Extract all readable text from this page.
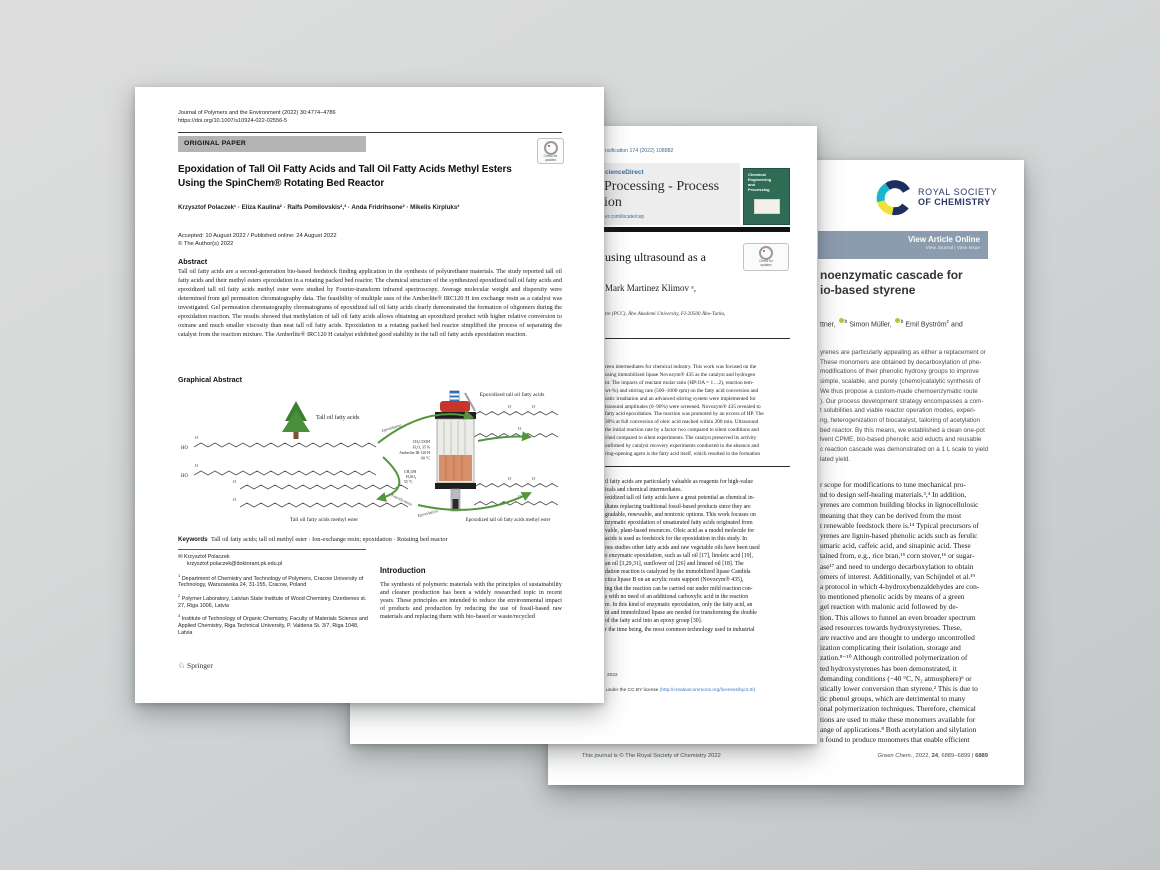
ROYAL SOCIETY
OF CHEMISTRY
View Article Online
View Journal | View Issue
noenzymatic cascade for
io-based styrene
ttner, $^b$ Simon Müller, $^b$ Emil Byström$^c$ and
yrenes are particularly appealing as either a replacement or
These monomers are obtained by decarboxylation of phe-
modifications of their phenolic hydroxy groups to improve
simple, scalable, and purely (chemo)catalytic synthesis of
We thus propose a custom-made chemoenzymatic route
). Our process development strategy encompasses a com-
t solubilities and viable reactor operation modes, experi-
ng, heterogenization of biocatalyst, tailoring of acetylation
bed reactor. By this means, we established a clean one-pot
lvent CPME, bio-based phenolic acid educts and reusable
c reaction cascade was demonstrated on a 1 L scale to yield
lated yield.
r scope for modifications to tune mechanical pro-
nd to design self-healing materials.³,⁴ In addition,
yrenes are common building blocks in lignocellulosic
meaning that they can be derived from the most
t renewable feedstock there is.¹⁴ Typical precursors of
yrenes are lignin-based phenolic acids such as ferulic
umaric acid, caffeic acid, and sinapinic acid. These
tained from, e.g., rice bran,¹⁵ corn stover,¹⁶ or sugar-
ase¹⁷ and need to undergo decarboxylation to obtain
omers of interest. Additionally, van Schijndel et al.¹⁹
a protocol in which 4-hydroxybenzaldehydes are con-
to mentioned phenolic acids by means of a green
gel reaction with malonic acid followed by de-
tion. This allows to funnel an even broader spectrum
ased resources towards hydroxystyrenes. These,
are reactive and are thought to undergo uncontrolled
ization complicating their isolation, storage and
zation.⁸⁻¹⁰ Although controlled polymerization of
ted hydroxystyrenes has been demonstrated, it
demanding conditions (−40 °C, N₂ atmosphere)⁶ or
stically lower conversion than styrene.² This is due to
tic phenol groups, which are detrimental to many
onal polymerization techniques. Therefore, chemical
tions are used to make these monomers available for
ange of applications.⁸ Both acetylation and silylation
n found to produce monomers that enable efficient
This journal is © The Royal Society of Chemistry 2022	Green Chem., 2022, 24, 6889–6899 | 6889
nsification 174 (2022) 108882
cienceDirect
Processing - Process
ion
er.com/locate/cep
Chemical
Engineering
and
Processing
Check for
updates
using ultrasound as a
Mark Martinez Klimov ᵃ,
tre (PCC), Åbo Akademi University, FI-20500 Åbo-Turku,
reen intermediates for chemical industry. This work was focused on the
using immobilized lipase Novozym® 435 as the catalyst and hydrogen
nt. The impacts of reactant molar ratio (HP:OA = 1…2), reaction tem-
wt-%) and stirring rate (500–1000 rpm) on the fatty acid conversion and
ustic irradiation and an advanced stirring system were implemented for
trasound amplitudes (0–90%) were screened. Novozym® 435 revealed to
fatty acid epoxidation. The reaction was promoted by an excess of HP. The
30% at full conversion of oleic acid reached within 200 min. Ultrasound
the initial reaction rate by a factor two compared to silent conditions and
ched compared to silent experiments. The catalyst preserved its activity
onfirmed by catalyst recovery experiments conducted in the absence and
ring-opening agent is the fatty acid itself, which resulted in the formation
il fatty acids are particularly valuable as reagents for high-value
icals and chemical intermediates.
oxidized tall oil fatty acids have a great potential as chemical in-
diates replacing traditional fossil-based products since they are
gradable, renewable, and nontoxic options. This work focuses on
nzymatic epoxidation of unsaturated fatty acids originated from
vable, plant-based resources. Oleic acid as a model molecule for
acids is used as feedstock for the epoxidation in this study. In
ous studies other fatty acids and raw vegetable oils have been used
e enzymatic epoxidation, such as tall oil [17], linoleic acid [19],
an oil [3,29,31], sunflower oil [26] and linseed oil [18]. The
dation reaction is catalyzed by the immobilized lipase Candida
ctica lipase B on an acrylic resin support (Novozym® 435),
ing that the reaction can be carried out under mild reaction con-
s with no need of an additional carboxylic acid in the reaction
re. In this kind of enzymatic epoxidation, only the fatty acid, an
nt and immobilized lipase are needed for transforming the double
of the fatty acid into an epoxy group [30].
r the time being, the most common technology used in industrial
2022
under the CC BY license (http://creativecommons.org/licenses/by/4.0/).
Journal of Polymers and the Environment (2022) 30:4774–4786
https://doi.org/10.1007/s10924-022-02556-5
ORIGINAL PAPER
Check for
updates
Epoxidation of Tall Oil Fatty Acids and Tall Oil Fatty Acids Methyl Esters
Using the SpinChem® Rotating Bed Reactor
Krzysztof Polaczek¹ · Eliza Kaulina² · Ralfs Pomilovskis²,³ · Anda Fridrihsone² · Mikelis Kirpluks²
Accepted: 10 August 2022 / Published online: 24 August 2022
© The Author(s) 2022
Abstract
Tall oil fatty acids are a second-generation bio-based feedstock finding application in the synthesis of polyurethane materials. The study reported tall oil fatty acids and their methyl esters epoxidation in a rotating packed bed reactor. The chemical structure of the synthesized epoxidized tall oil fatty acids and epoxidized tall oil fatty acids methyl ester were studied by Fourier-transform infrared spectroscopy. Average molecular weight and dispersity were determined from gel permeation chromatography data. The feasibility of multiple uses of the Amberlite® IRC120 H ion exchange resin as a catalyst was investigated. Gel permeation chromatography chromatograms of epoxidized tall oil fatty acids clearly demonstrated the formation of oligomers during the epoxidation reaction. The results showed that methylation of tall oil fatty acids allows obtaining an epoxidized product with higher relative conversion to oxirane and much smaller viscosity than neat tall oil fatty acids. Epoxidation in a rotating packed bed reactor simplified the process of separating the catalyst from the reaction mixture. The Amberlite® IRC120 H catalyst exhibited good stability in the tall oil fatty acids epoxidation reaction.
Graphical Abstract
Tall oil fatty acids
HO
HO
O
O
O
O
Tall oil fatty acids methyl ester
Epoxidized tall oil fatty acids
O	O
O
O	O
O
Epoxidized tall oil fatty acids methyl ester
CH₃COOH
H₂O₂ 35 %
Amberlite IR-120 H
60 °C
Epoxidation
Esterification
Epoxidation
CH₃OH
H₂SO₄
55 °C
Keywords Tall oil fatty acids; tall oil methyl ester · Ion-exchange resin; epoxidation · Rotating bed reactor
✉ Krzysztof Polaczek
krzysztof.polaczek@doktorant.pk.edu.pl
$^1$ Department of Chemistry and Technology of Polymers, Cracow University of Technology, Warszawska 24, 31-155, Cracow, Poland
$^2$ Polymer Laboratory, Latvian State Institute of Wood Chemistry, Dzerbenes st. 27, Riga 1006, Latvia
$^3$ Institute of Technology of Organic Chemistry, Faculty of Materials Science and Applied Chemistry, Riga Technical University, P. Valdena St. 3/7, Riga 1048, Latvia
Introduction
The synthesis of polymeric materials with the principles of sustainability and cleaner production has been a widely researched topic in recent years. These principles are intended to reduce the environmental impact of products and production by reducing the use of fossil-based raw materials and replacing them with bio-based or waste/recycled
♘ Springer
